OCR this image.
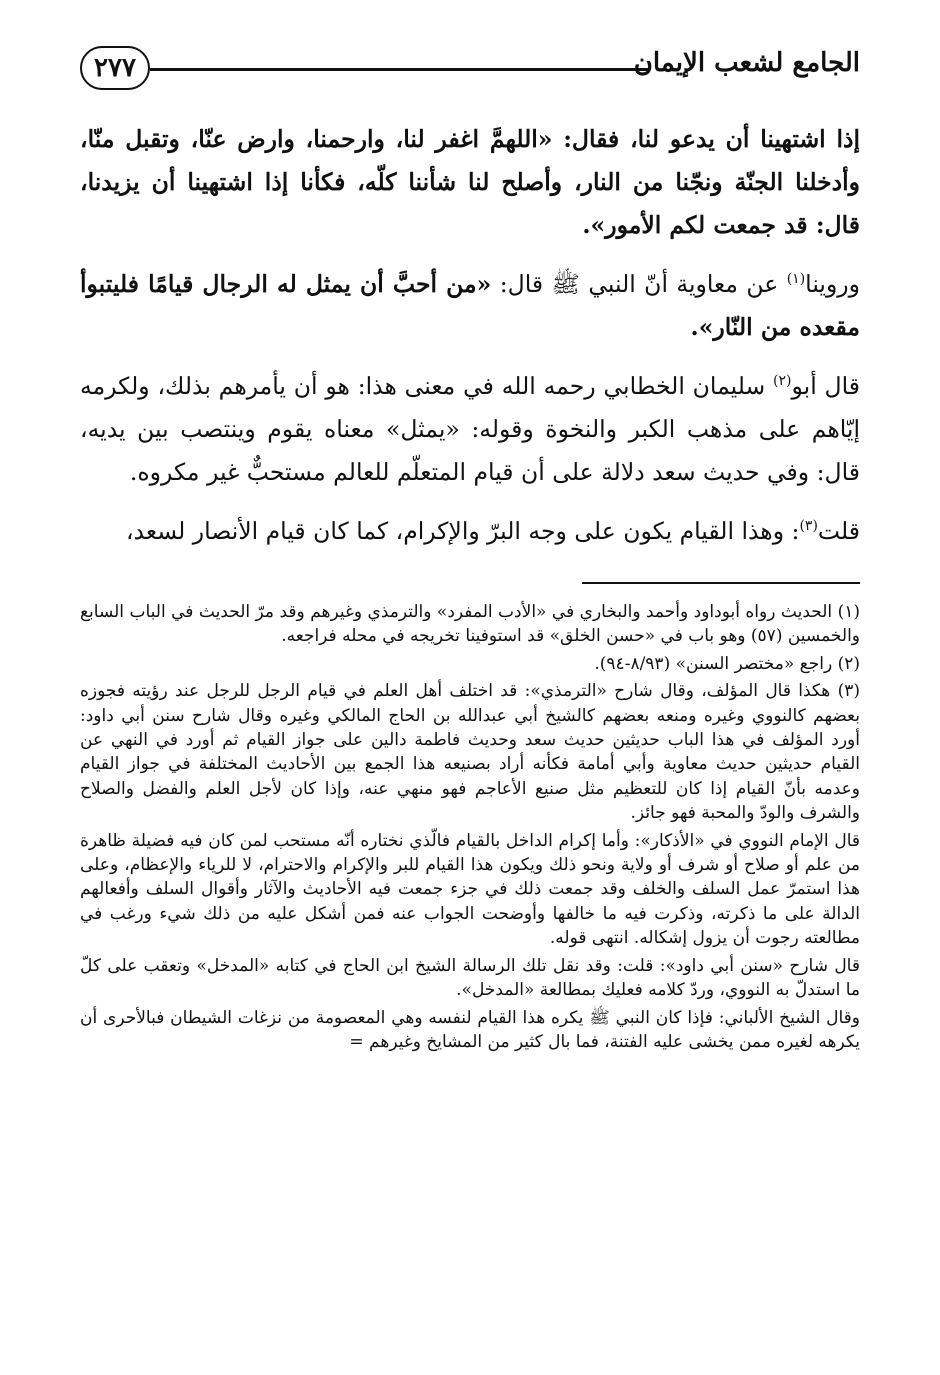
٢٧٧	الجامع لشعب الإيمان

إذا اشتهينا أن يدعو لنا، فقال: «اللهمَّ اغفر لنا، وارحمنا، وارض عنّا، وتقبل منّا، وأدخلنا الجنّة ونجّنا من النار، وأصلح لنا شأننا كلّه، فكأنا إذا اشتهينا أن يزيدنا، قال: قد جمعت لكم الأمور».

وروينا$^{(١)}$ عن معاوية أنّ النبي ﷺ قال: «من أحبَّ أن يمثل له الرجال قيامًا فليتبوأ مقعده من النّار».

قال أبو$^{(٢)}$ سليمان الخطابي رحمه الله في معنى هذا: هو أن يأمرهم بذلك، ولكرمه إيّاهم على مذهب الكبر والنخوة وقوله: «يمثل» معناه يقوم وينتصب بين يديه، قال: وفي حديث سعد دلالة على أن قيام المتعلّم للعالم مستحبٌّ غير مكروه.

قلت$^{(٣)}$: وهذا القيام يكون على وجه البرّ والإكرام، كما كان قيام الأنصار لسعد،

(١) الحديث رواه أبوداود وأحمد والبخاري في «الأدب المفرد» والترمذي وغيرهم وقد مرّ الحديث في الباب السابع والخمسين (٥٧) وهو باب في «حسن الخلق» قد استوفينا تخريجه في محله فراجعه.

(٢) راجع «مختصر السنن» (٨/٩٣-٩٤).

(٣) هكذا قال المؤلف، وقال شارح «الترمذي»: قد اختلف أهل العلم في قيام الرجل للرجل عند رؤيته فجوزه بعضهم كالنووي وغيره ومنعه بعضهم كالشيخ أبي عبدالله بن الحاج المالكي وغيره وقال شارح سنن أبي داود: أورد المؤلف في هذا الباب حديثين حديث سعد وحديث فاطمة دالين على جواز القيام ثم أورد في النهي عن القيام حديثين حديث معاوية وأبي أمامة فكأنه أراد بصنيعه هذا الجمع بين الأحاديث المختلفة في جواز القيام وعدمه بأنّ القيام إذا كان للتعظيم مثل صنيع الأعاجم فهو منهي عنه، وإذا كان لأجل العلم والفضل والصلاح والشرف والودّ والمحبة فهو جائز.

قال الإمام النووي في «الأذكار»: وأما إكرام الداخل بالقيام فالّذي نختاره أنّه مستحب لمن كان فيه فضيلة ظاهرة من علم أو صلاح أو شرف أو ولاية ونحو ذلك ويكون هذا القيام للبر والإكرام والاحترام، لا للرياء والإعظام، وعلى هذا استمرّ عمل السلف والخلف وقد جمعت ذلك في جزء جمعت فيه الأحاديث والآثار وأقوال السلف وأفعالهم الدالة على ما ذكرته، وذكرت فيه ما خالفها وأوضحت الجواب عنه فمن أشكل عليه من ذلك شيء ورغب في مطالعته رجوت أن يزول إشكاله. انتهى قوله.

قال شارح «سنن أبي داود»: قلت: وقد نقل تلك الرسالة الشيخ ابن الحاج في كتابه «المدخل» وتعقب على كلّ ما استدلّ به النووي، وردّ كلامه فعليك بمطالعة «المدخل».

وقال الشيخ الألباني: فإذا كان النبي ﷺ يكره هذا القيام لنفسه وهي المعصومة من نزغات الشيطان فبالأحرى أن يكرهه لغيره ممن يخشى عليه الفتنة، فما بال كثير من المشايخ وغيرهم =
